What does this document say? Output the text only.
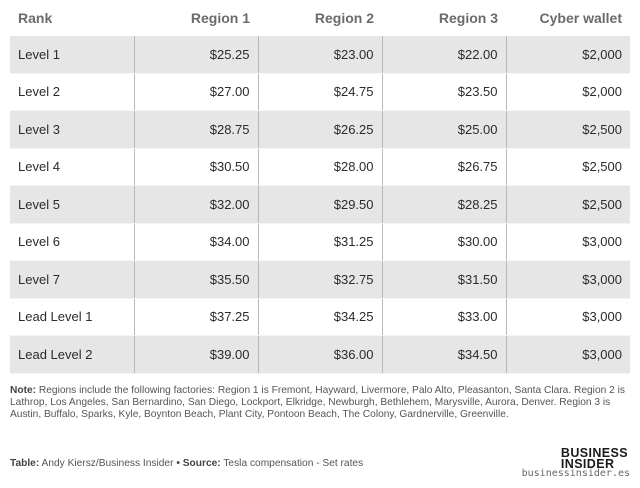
Rank	Region 1	Region 2	Region 3	Cyber wallet
Level 1	$25.25	$23.00	$22.00	$2,000
Level 2	$27.00	$24.75	$23.50	$2,000
Level 3	$28.75	$26.25	$25.00	$2,500
Level 4	$30.50	$28.00	$26.75	$2,500
Level 5	$32.00	$29.50	$28.25	$2,500
Level 6	$34.00	$31.25	$30.00	$3,000
Level 7	$35.50	$32.75	$31.50	$3,000
Lead Level 1	$37.25	$34.25	$33.00	$3,000
Lead Level 2	$39.00	$36.00	$34.50	$3,000
Note: Regions include the following factories: Region 1 is Fremont, Hayward, Livermore, Palo Alto, Pleasanton, Santa Clara. Region 2 is Lathrop, Los Angeles, San Bernardino, San Diego, Lockport, Elkridge, Newburgh, Bethlehem, Marysville, Aurora, Denver. Region 3 is Austin, Buffalo, Sparks, Kyle, Boynton Beach, Plant City, Pontoon Beach, The Colony, Gardnerville, Greenville.
Table: Andy Kiersz/Business Insider • Source: Tesla compensation - Set rates
BUSINESS
INSIDER
businessinsider.es
